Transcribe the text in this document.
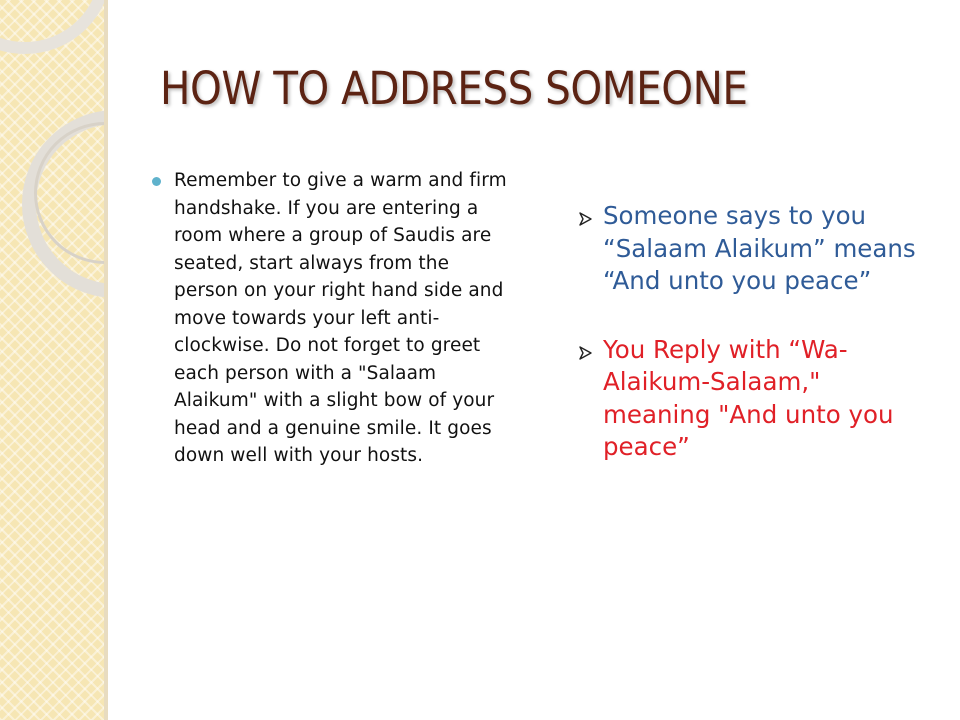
HOW TO ADDRESS SOMEONE

Remember to give a warm and firm handshake. If you are entering a room where a group of Saudis are seated, start always from the person on your right hand side and move towards your left anti-clockwise. Do not forget to greet each person with a "Salaam Alaikum" with a slight bow of your head and a genuine smile. It goes down well with your hosts.

Someone says to you “Salaam Alaikum” means “And unto you peace”

You Reply with “Wa-Alaikum-Salaam," meaning "And unto you peace”
